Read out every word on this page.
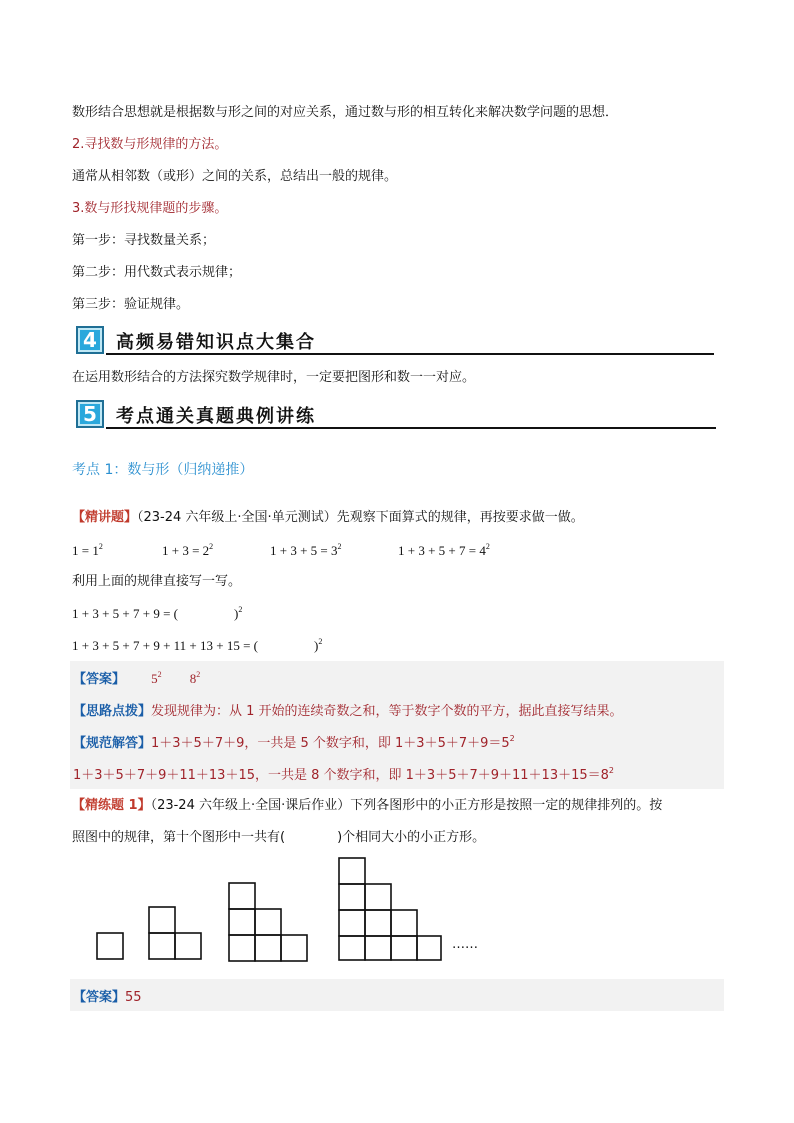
数形结合思想就是根据数与形之间的对应关系，通过数与形的相互转化来解决数学问题的思想．
2.寻找数与形规律的方法。
通常从相邻数（或形）之间的关系，总结出一般的规律。
3.数与形找规律题的步骤。
第一步：寻找数量关系；
第二步：用代数式表示规律；
第三步：验证规律。
4	高频易错知识点大集合
在运用数形结合的方法探究数学规律时，一定要把图形和数一一对应。
5	考点通关真题典例讲练
考点 1：数与形（归纳递推）
【精讲题】（23-24 六年级上·全国·单元测试）先观察下面算式的规律，再按要求做一做。
$1 = 1^2$	$1 + 3 = 2^2$	$1 + 3 + 5 = 3^2$	$1 + 3 + 5 + 7 = 4^2$
利用上面的规律直接写一写。
1 + 3 + 5 + 7 + 9 = (	)$^2$
1 + 3 + 5 + 7 + 9 + 11 + 13 + 15 = (	)$^2$
【答案】 $5^2$ $8^2$
【思路点拨】发现规律为：从 1 开始的连续奇数之和，等于数字个数的平方，据此直接写结果。
【规范解答】1＋3＋5＋7＋9，一共是 5 个数字和，即 $1+3+5+7+9=5^2$
1＋3＋5＋7＋9＋11＋13＋15，一共是 8 个数字和，即 $1+3+5+7+9+11+13+15=8^2$
【精练题 1】（23-24 六年级上·全国·课后作业）下列各图形中的小正方形是按照一定的规律排列的。按
照图中的规律，第十个图形中一共有(　　　　)个相同大小的小正方形。
……
【答案】55
